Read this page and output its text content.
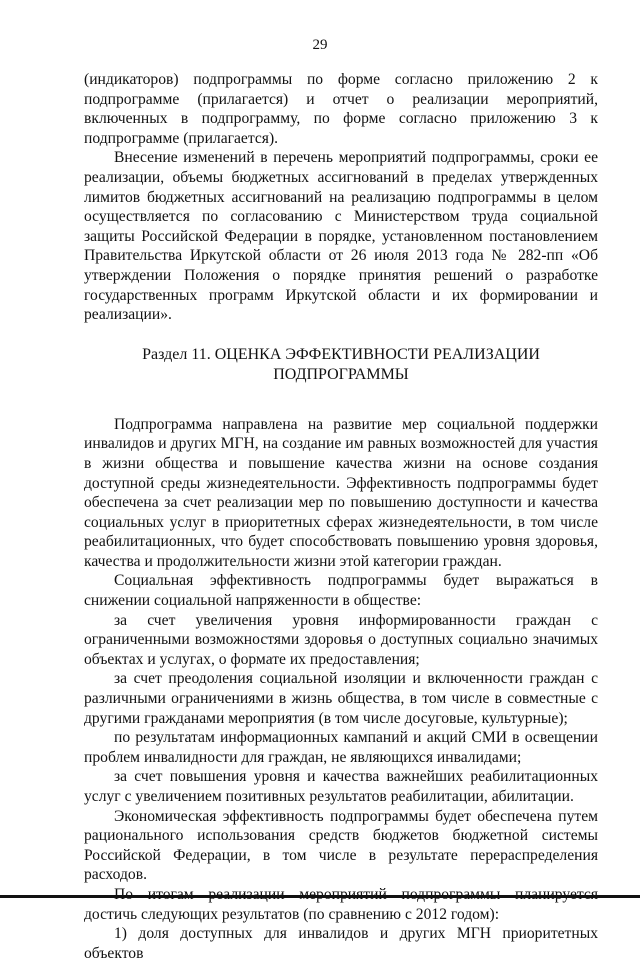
29

(индикаторов) подпрограммы по форме согласно приложению 2 к подпрограмме (прилагается) и отчет о реализации мероприятий, включенных в подпрограмму, по форме согласно приложению 3 к подпрограмме (прилагается).

Внесение изменений в перечень мероприятий подпрограммы, сроки ее реализации, объемы бюджетных ассигнований в пределах утвержденных лимитов бюджетных ассигнований на реализацию подпрограммы в целом осуществляется по согласованию с Министерством труда социальной защиты Российской Федерации в порядке, установленном постановлением Правительства Иркутской области от 26 июля 2013 года № 282-пп «Об утверждении Положения о порядке принятия решений о разработке государственных программ Иркутской области и их формировании и реализации».

Раздел 11. ОЦЕНКА ЭФФЕКТИВНОСТИ РЕАЛИЗАЦИИ
ПОДПРОГРАММЫ

Подпрограмма направлена на развитие мер социальной поддержки инвалидов и других МГН, на создание им равных возможностей для участия в жизни общества и повышение качества жизни на основе создания доступной среды жизнедеятельности. Эффективность подпрограммы будет обеспечена за счет реализации мер по повышению доступности и качества социальных услуг в приоритетных сферах жизнедеятельности, в том числе реабилитационных, что будет способствовать повышению уровня здоровья, качества и продолжительности жизни этой категории граждан.

Социальная эффективность подпрограммы будет выражаться в снижении социальной напряженности в обществе:

за счет увеличения уровня информированности граждан с ограниченными возможностями здоровья о доступных социально значимых объектах и услугах, о формате их предоставления;

за счет преодоления социальной изоляции и включенности граждан с различными ограничениями в жизнь общества, в том числе в совместные с другими гражданами мероприятия (в том числе досуговые, культурные);

по результатам информационных кампаний и акций СМИ в освещении проблем инвалидности для граждан, не являющихся инвалидами;

за счет повышения уровня и качества важнейших реабилитационных услуг с увеличением позитивных результатов реабилитации, абилитации.

Экономическая эффективность подпрограммы будет обеспечена путем рационального использования средств бюджетов бюджетной системы Российской Федерации, в том числе в результате перераспределения расходов.

достичь следующих результатов (по сравнению с 2012 годом):

1) доля доступных для инвалидов и других МГН приоритетных объектов
